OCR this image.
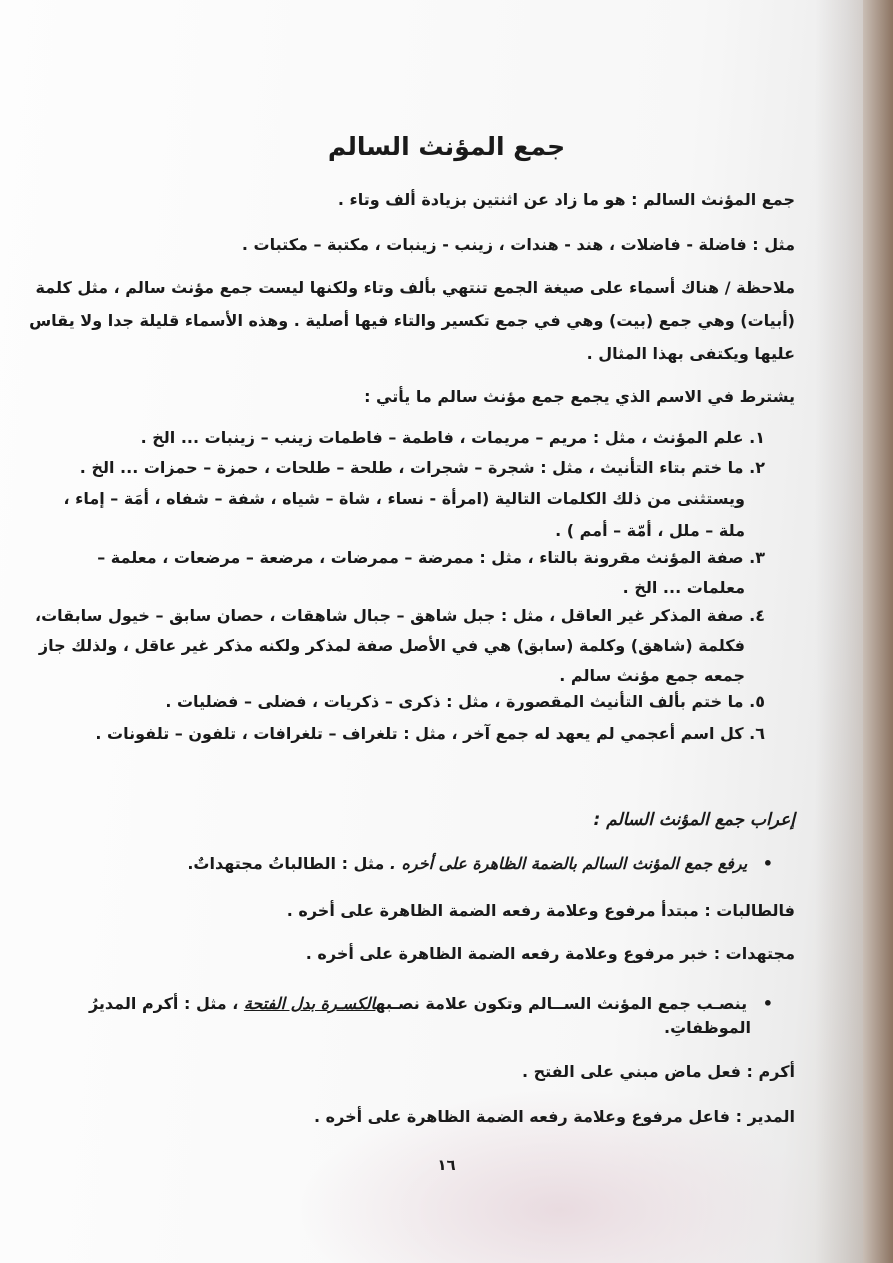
جمع المؤنث السالم

جمع المؤنث السالم : هو ما زاد عن اثنتين بزيادة ألف وتاء .

مثل : فاضلة - فاضلات ، هند - هندات ، زينب - زينبات ، مكتبة – مكتبات .

ملاحظة / هناك أسماء على صيغة الجمع تنتهي بألف وتاء ولكنها ليست جمع مؤنث سالم ، مثل كلمة

(أبيات) وهي جمع (بيت) وهي في جمع تكسير والتاء فيها أصلية . وهذه الأسماء قليلة جدا ولا يقاس

عليها ويكتفى بهذا المثال .

يشترط في الاسم الذي يجمع جمع مؤنث سالم ما يأتي :

١. علم المؤنث ، مثل : مريم – مريمات ، فاطمة – فاطمات زينب – زينبات ... الخ .

٢. ما ختم بتاء التأنيث ، مثل : شجرة – شجرات ، طلحة – طلحات ، حمزة – حمزات ... الخ .

ويستثنى من ذلك الكلمات التالية (امرأة - نساء ، شاة – شياه ، شفة – شفاه ، أمَة – إماء ،

ملة – ملل ، أمّة – أمم ) .

٣. صفة المؤنث مقرونة بالتاء ، مثل : ممرضة – ممرضات ، مرضعة – مرضعات ، معلمة –

معلمات ... الخ .

٤. صفة المذكر غير العاقل ، مثل : جبل شاهق – جبال شاهقات ، حصان سابق – خيول سابقات،

فكلمة (شاهق) وكلمة (سابق) هي في الأصل صفة لمذكر ولكنه مذكر غير عاقل ، ولذلك جاز

جمعه جمع مؤنث سالم .

٥. ما ختم بألف التأنيث المقصورة ، مثل : ذكرى – ذكريات ، فضلى – فضليات .

٦. كل اسم أعجمي لم يعهد له جمع آخر ، مثل : تلغراف – تلغرافات ، تلفون – تلفونات .

إعراب جمع المؤنث السالم :

• يرفع جمع المؤنث السالم بالضمة الظاهرة على أخره . مثل : الطالباتُ مجتهداتٌ.

فالطالبات : مبتدأ مرفوع وعلامة رفعه الضمة الظاهرة على أخره .

مجتهدات : خبر مرفوع وعلامة رفعه الضمة الظاهرة على أخره .

• ينصـب جمع المؤنث الســالم وتكون علامة نصـبهالكسـرة بدل الفتحة ، مثل : أكرم المديرُ

الموظفاتِ.

أكرم : فعل ماض مبني على الفتح .

المدير : فاعل مرفوع وعلامة رفعه الضمة الظاهرة على أخره .

١٦
